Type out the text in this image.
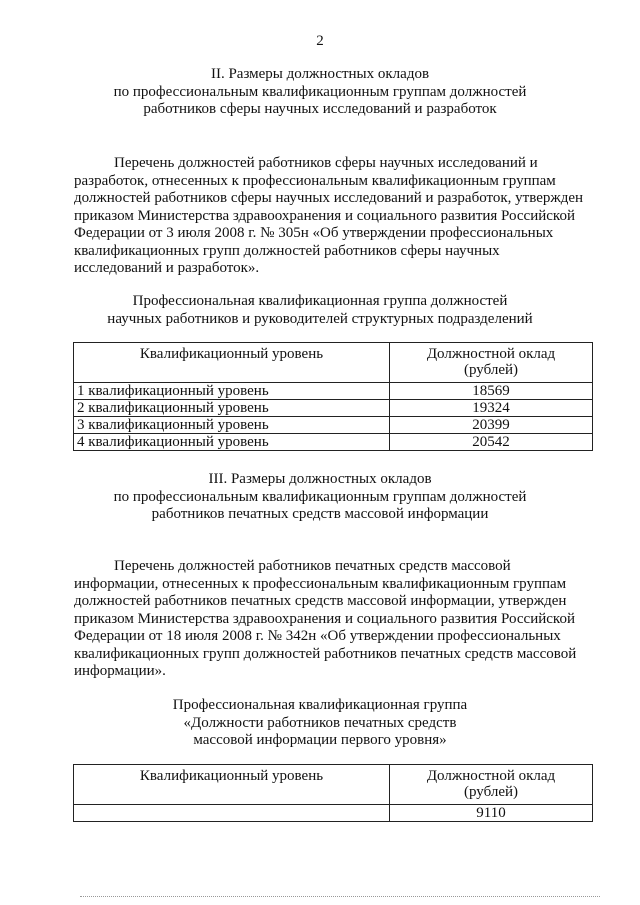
2
II. Размеры должностных окладов
по профессиональным квалификационным группам должностей
работников сферы научных исследований и разработок
Перечень должностей работников сферы научных исследований и
разработок, отнесенных к профессиональным квалификационным группам
должностей работников сферы научных исследований и разработок, утвержден
приказом Министерства здравоохранения и социального развития Российской
Федерации от 3 июля 2008 г. № 305н «Об утверждении профессиональных
квалификационных групп должностей работников сферы научных
исследований и разработок».
Профессиональная квалификационная группа должностей
научных работников и руководителей структурных подразделений
Квалификационный уровень	Должностной оклад
(рублей)

1 квалификационный уровень	18569
2 квалификационный уровень	19324
3 квалификационный уровень	20399
4 квалификационный уровень	20542
III. Размеры должностных окладов
по профессиональным квалификационным группам должностей
работников печатных средств массовой информации
Перечень должностей работников печатных средств массовой
информации, отнесенных к профессиональным квалификационным группам
должностей работников печатных средств массовой информации, утвержден
приказом Министерства здравоохранения и социального развития Российской
Федерации от 18 июля 2008 г. № 342н «Об утверждении профессиональных
квалификационных групп должностей работников печатных средств массовой
информации».
Профессиональная квалификационная группа
«Должности работников печатных средств
массовой информации первого уровня»
Квалификационный уровень	Должностной оклад
(рублей)

	9110
